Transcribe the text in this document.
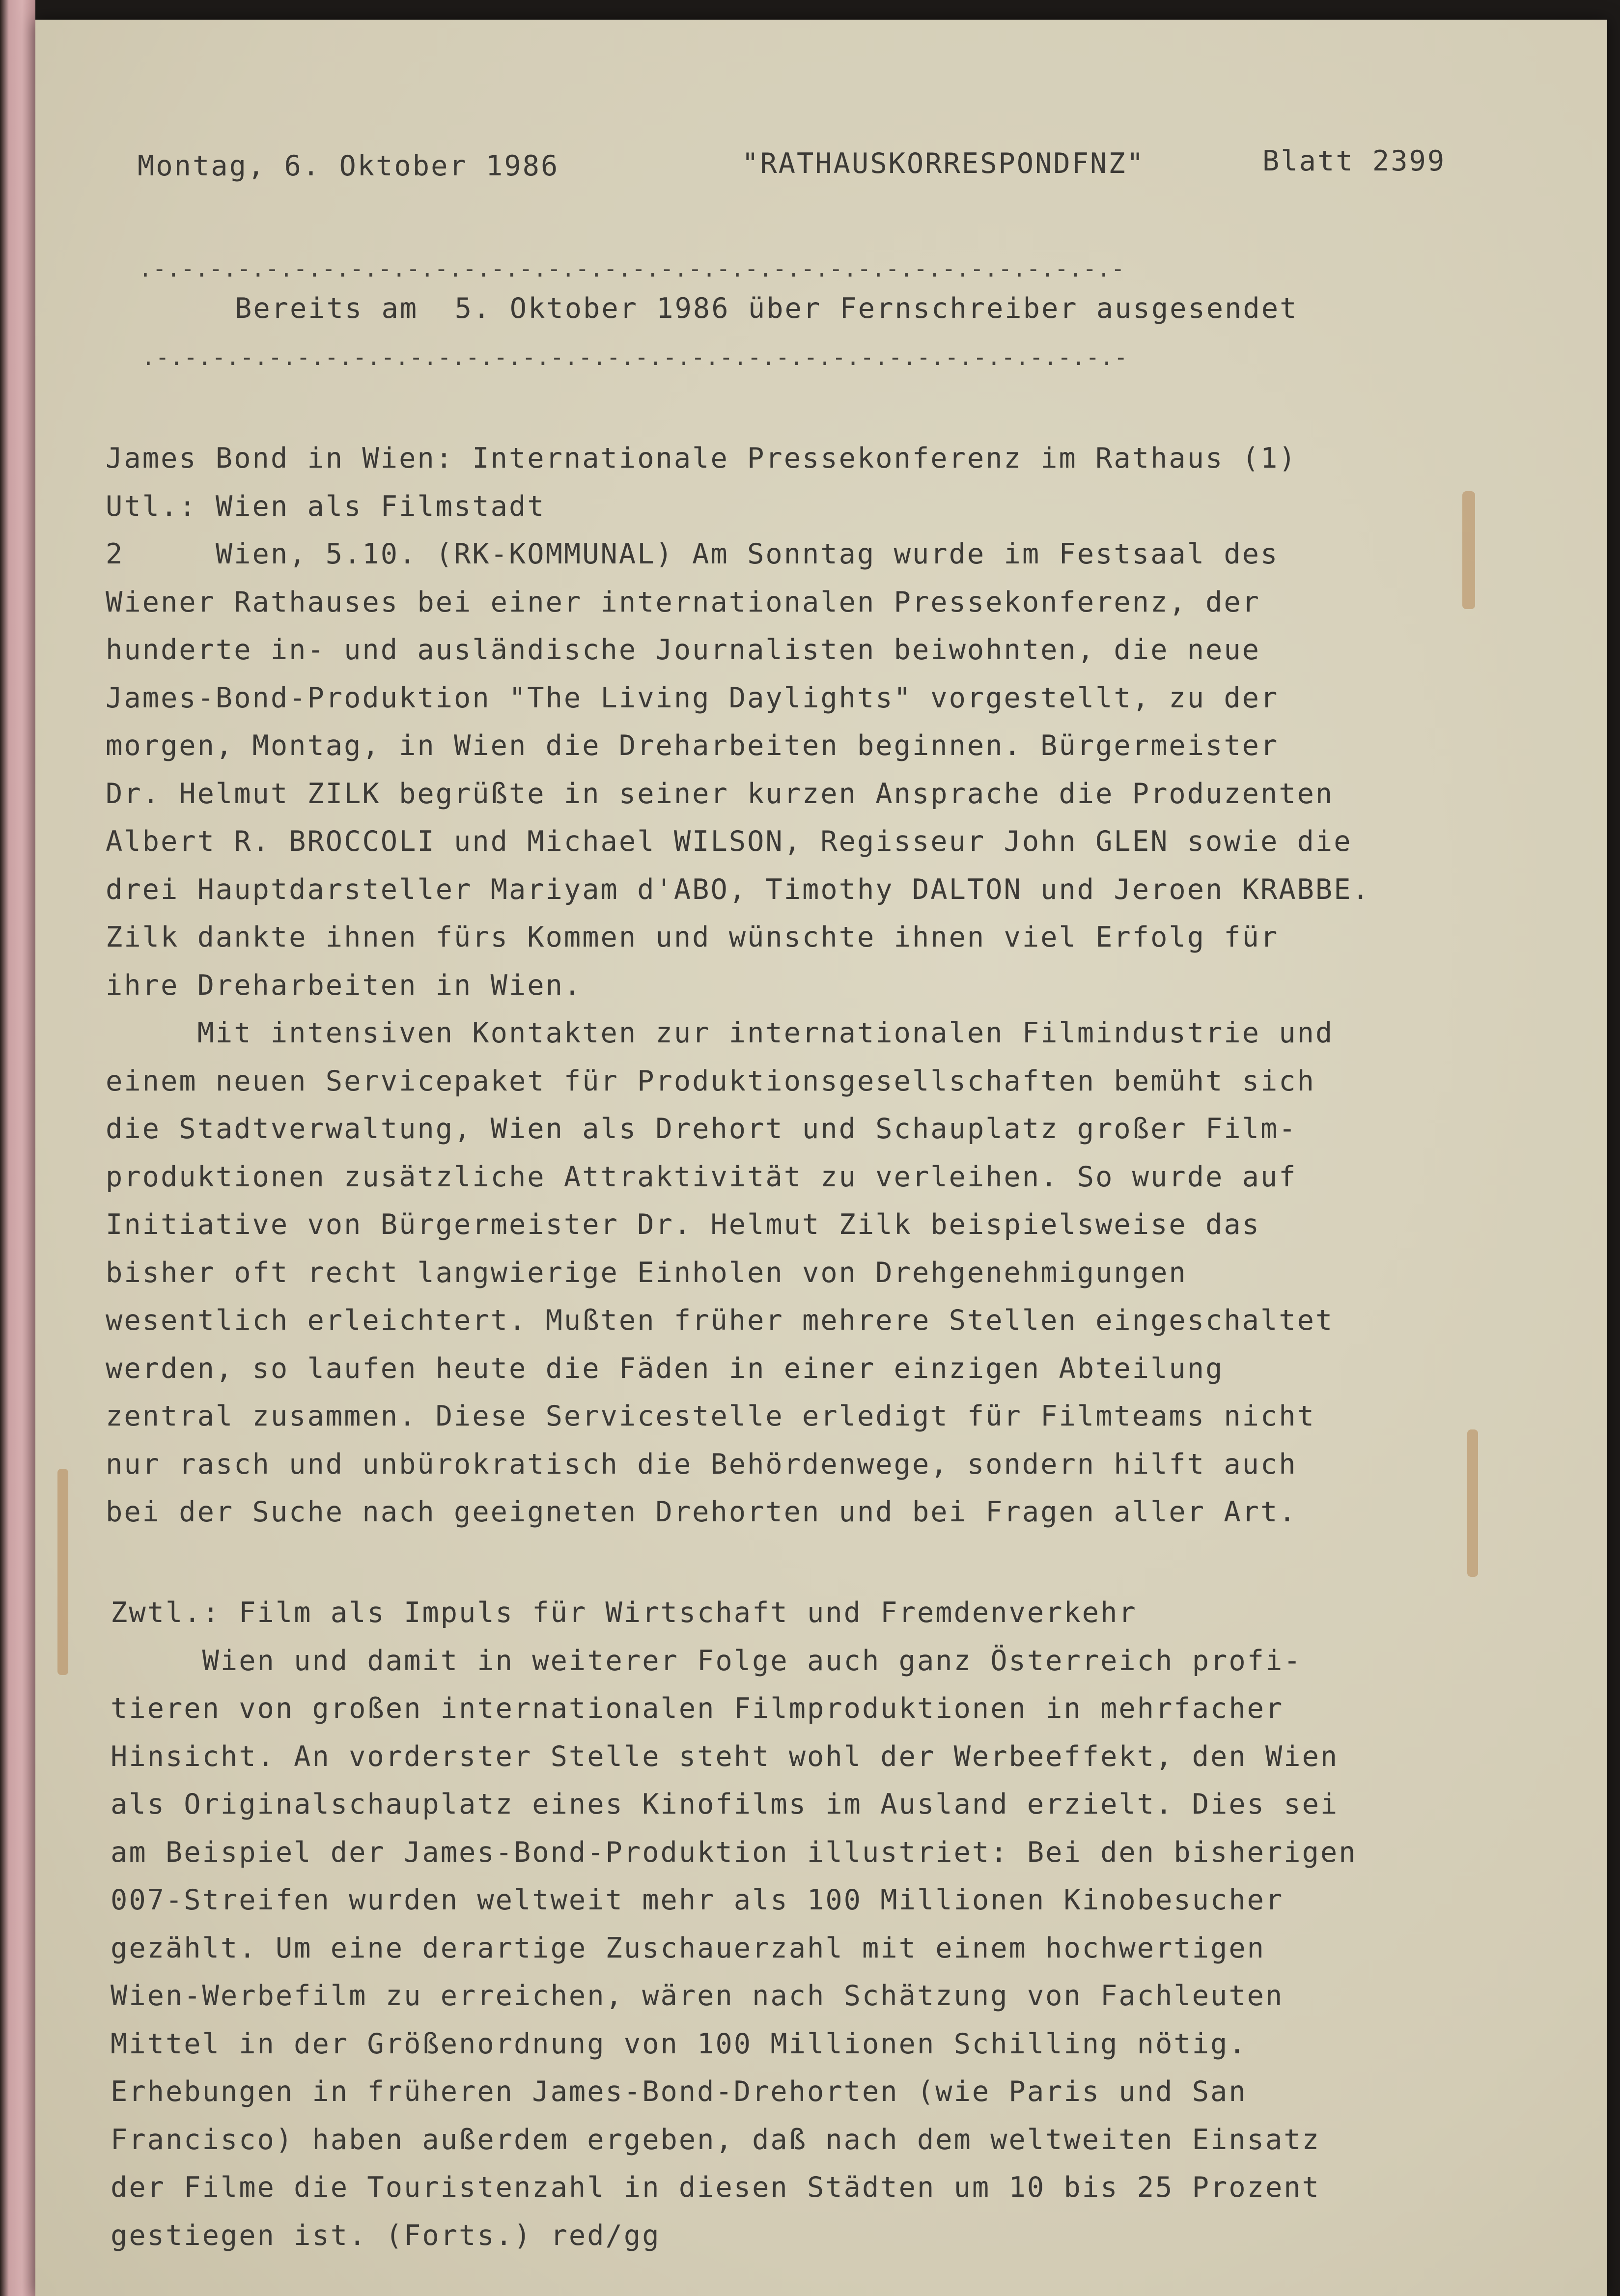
Montag, 6. Oktober 1986	"RATHAUSKORRESPONDFNZ"	Blatt 2399
.-.-.-.-.-.-.-.-.-.-.-.-.-.-.-.-.-.-.-.-.-.-.-.-.-.-.-.-.-.-.-.-.-.-.-
Bereits am  5. Oktober 1986 über Fernschreiber ausgesendet
.-.-.-.-.-.-.-.-.-.-.-.-.-.-.-.-.-.-.-.-.-.-.-.-.-.-.-.-.-.-.-.-.-.-.-
James Bond in Wien: Internationale Pressekonferenz im Rathaus (1)
Utl.: Wien als Filmstadt
2     Wien, 5.10. (RK-KOMMUNAL) Am Sonntag wurde im Festsaal des
Wiener Rathauses bei einer internationalen Pressekonferenz, der
hunderte in- und ausländische Journalisten beiwohnten, die neue
James-Bond-Produktion "The Living Daylights" vorgestellt, zu der
morgen, Montag, in Wien die Dreharbeiten beginnen. Bürgermeister
Dr. Helmut ZILK begrüßte in seiner kurzen Ansprache die Produzenten
Albert R. BROCCOLI und Michael WILSON, Regisseur John GLEN sowie die
drei Hauptdarsteller Mariyam d'ABO, Timothy DALTON und Jeroen KRABBE.
Zilk dankte ihnen fürs Kommen und wünschte ihnen viel Erfolg für
ihre Dreharbeiten in Wien.
Mit intensiven Kontakten zur internationalen Filmindustrie und
einem neuen Servicepaket für Produktionsgesellschaften bemüht sich
die Stadtverwaltung, Wien als Drehort und Schauplatz großer Film-
produktionen zusätzliche Attraktivität zu verleihen. So wurde auf
Initiative von Bürgermeister Dr. Helmut Zilk beispielsweise das
bisher oft recht langwierige Einholen von Drehgenehmigungen
wesentlich erleichtert. Mußten früher mehrere Stellen eingeschaltet
werden, so laufen heute die Fäden in einer einzigen Abteilung
zentral zusammen. Diese Servicestelle erledigt für Filmteams nicht
nur rasch und unbürokratisch die Behördenwege, sondern hilft auch
bei der Suche nach geeigneten Drehorten und bei Fragen aller Art.
Zwtl.: Film als Impuls für Wirtschaft und Fremdenverkehr
Wien und damit in weiterer Folge auch ganz Österreich profi-
tieren von großen internationalen Filmproduktionen in mehrfacher
Hinsicht. An vorderster Stelle steht wohl der Werbeeffekt, den Wien
als Originalschauplatz eines Kinofilms im Ausland erzielt. Dies sei
am Beispiel der James-Bond-Produktion illustriet: Bei den bisherigen
007-Streifen wurden weltweit mehr als 100 Millionen Kinobesucher
gezählt. Um eine derartige Zuschauerzahl mit einem hochwertigen
Wien-Werbefilm zu erreichen, wären nach Schätzung von Fachleuten
Mittel in der Größenordnung von 100 Millionen Schilling nötig.
Erhebungen in früheren James-Bond-Drehorten (wie Paris und San
Francisco) haben außerdem ergeben, daß nach dem weltweiten Einsatz
der Filme die Touristenzahl in diesen Städten um 10 bis 25 Prozent
gestiegen ist. (Forts.) red/gg
